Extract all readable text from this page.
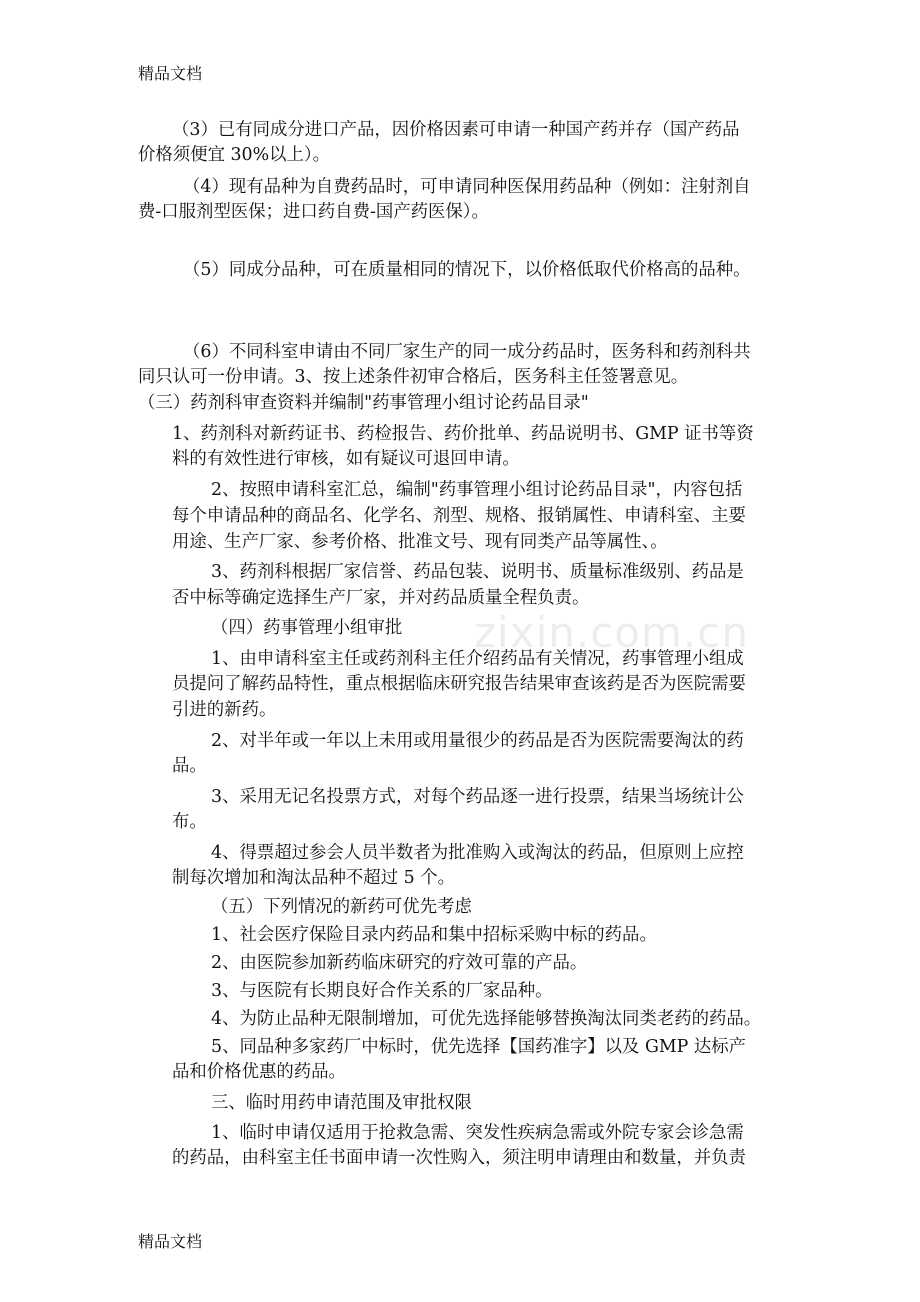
精品文档
zixin.com.cn
（3）已有同成分进口产品，因价格因素可申请一种国产药并存（国产药品
价格须便宜 30%以上）。
（4）现有品种为自费药品时，可申请同种医保用药品种（例如：注射剂自
费-口服剂型医保；进口药自费-国产药医保）。
（5）同成分品种，可在质量相同的情况下，以价格低取代价格高的品种。
（6）不同科室申请由不同厂家生产的同一成分药品时，医务科和药剂科共
同只认可一份申请。3、按上述条件初审合格后，医务科主任签署意见。
（三）药剂科审查资料并编制"药事管理小组讨论药品目录"
1、药剂科对新药证书、药检报告、药价批单、药品说明书、GMP 证书等资
料的有效性进行审核，如有疑议可退回申请。
2、按照申请科室汇总，编制"药事管理小组讨论药品目录"，内容包括
每个申请品种的商品名、化学名、剂型、规格、报销属性、申请科室、主要
用途、生产厂家、参考价格、批准文号、现有同类产品等属性、。
3、药剂科根据厂家信誉、药品包装、说明书、质量标准级别、药品是
否中标等确定选择生产厂家，并对药品质量全程负责。
（四）药事管理小组审批
1、由申请科室主任或药剂科主任介绍药品有关情况，药事管理小组成
员提问了解药品特性，重点根据临床研究报告结果审查该药是否为医院需要
引进的新药。
2、对半年或一年以上未用或用量很少的药品是否为医院需要淘汰的药
品。
3、采用无记名投票方式，对每个药品逐一进行投票，结果当场统计公
布。
4、得票超过参会人员半数者为批准购入或淘汰的药品，但原则上应控
制每次增加和淘汰品种不超过 5 个。
（五）下列情况的新药可优先考虑
1、社会医疗保险目录内药品和集中招标采购中标的药品。
2、由医院参加新药临床研究的疗效可靠的产品。
3、与医院有长期良好合作关系的厂家品种。
4、为防止品种无限制增加，可优先选择能够替换淘汰同类老药的药品。
5、同品种多家药厂中标时，优先选择【国药准字】以及 GMP 达标产
品和价格优惠的药品。
三、临时用药申请范围及审批权限
1、临时申请仅适用于抢救急需、突发性疾病急需或外院专家会诊急需
的药品，由科室主任书面申请一次性购入，须注明申请理由和数量，并负责
精品文档
